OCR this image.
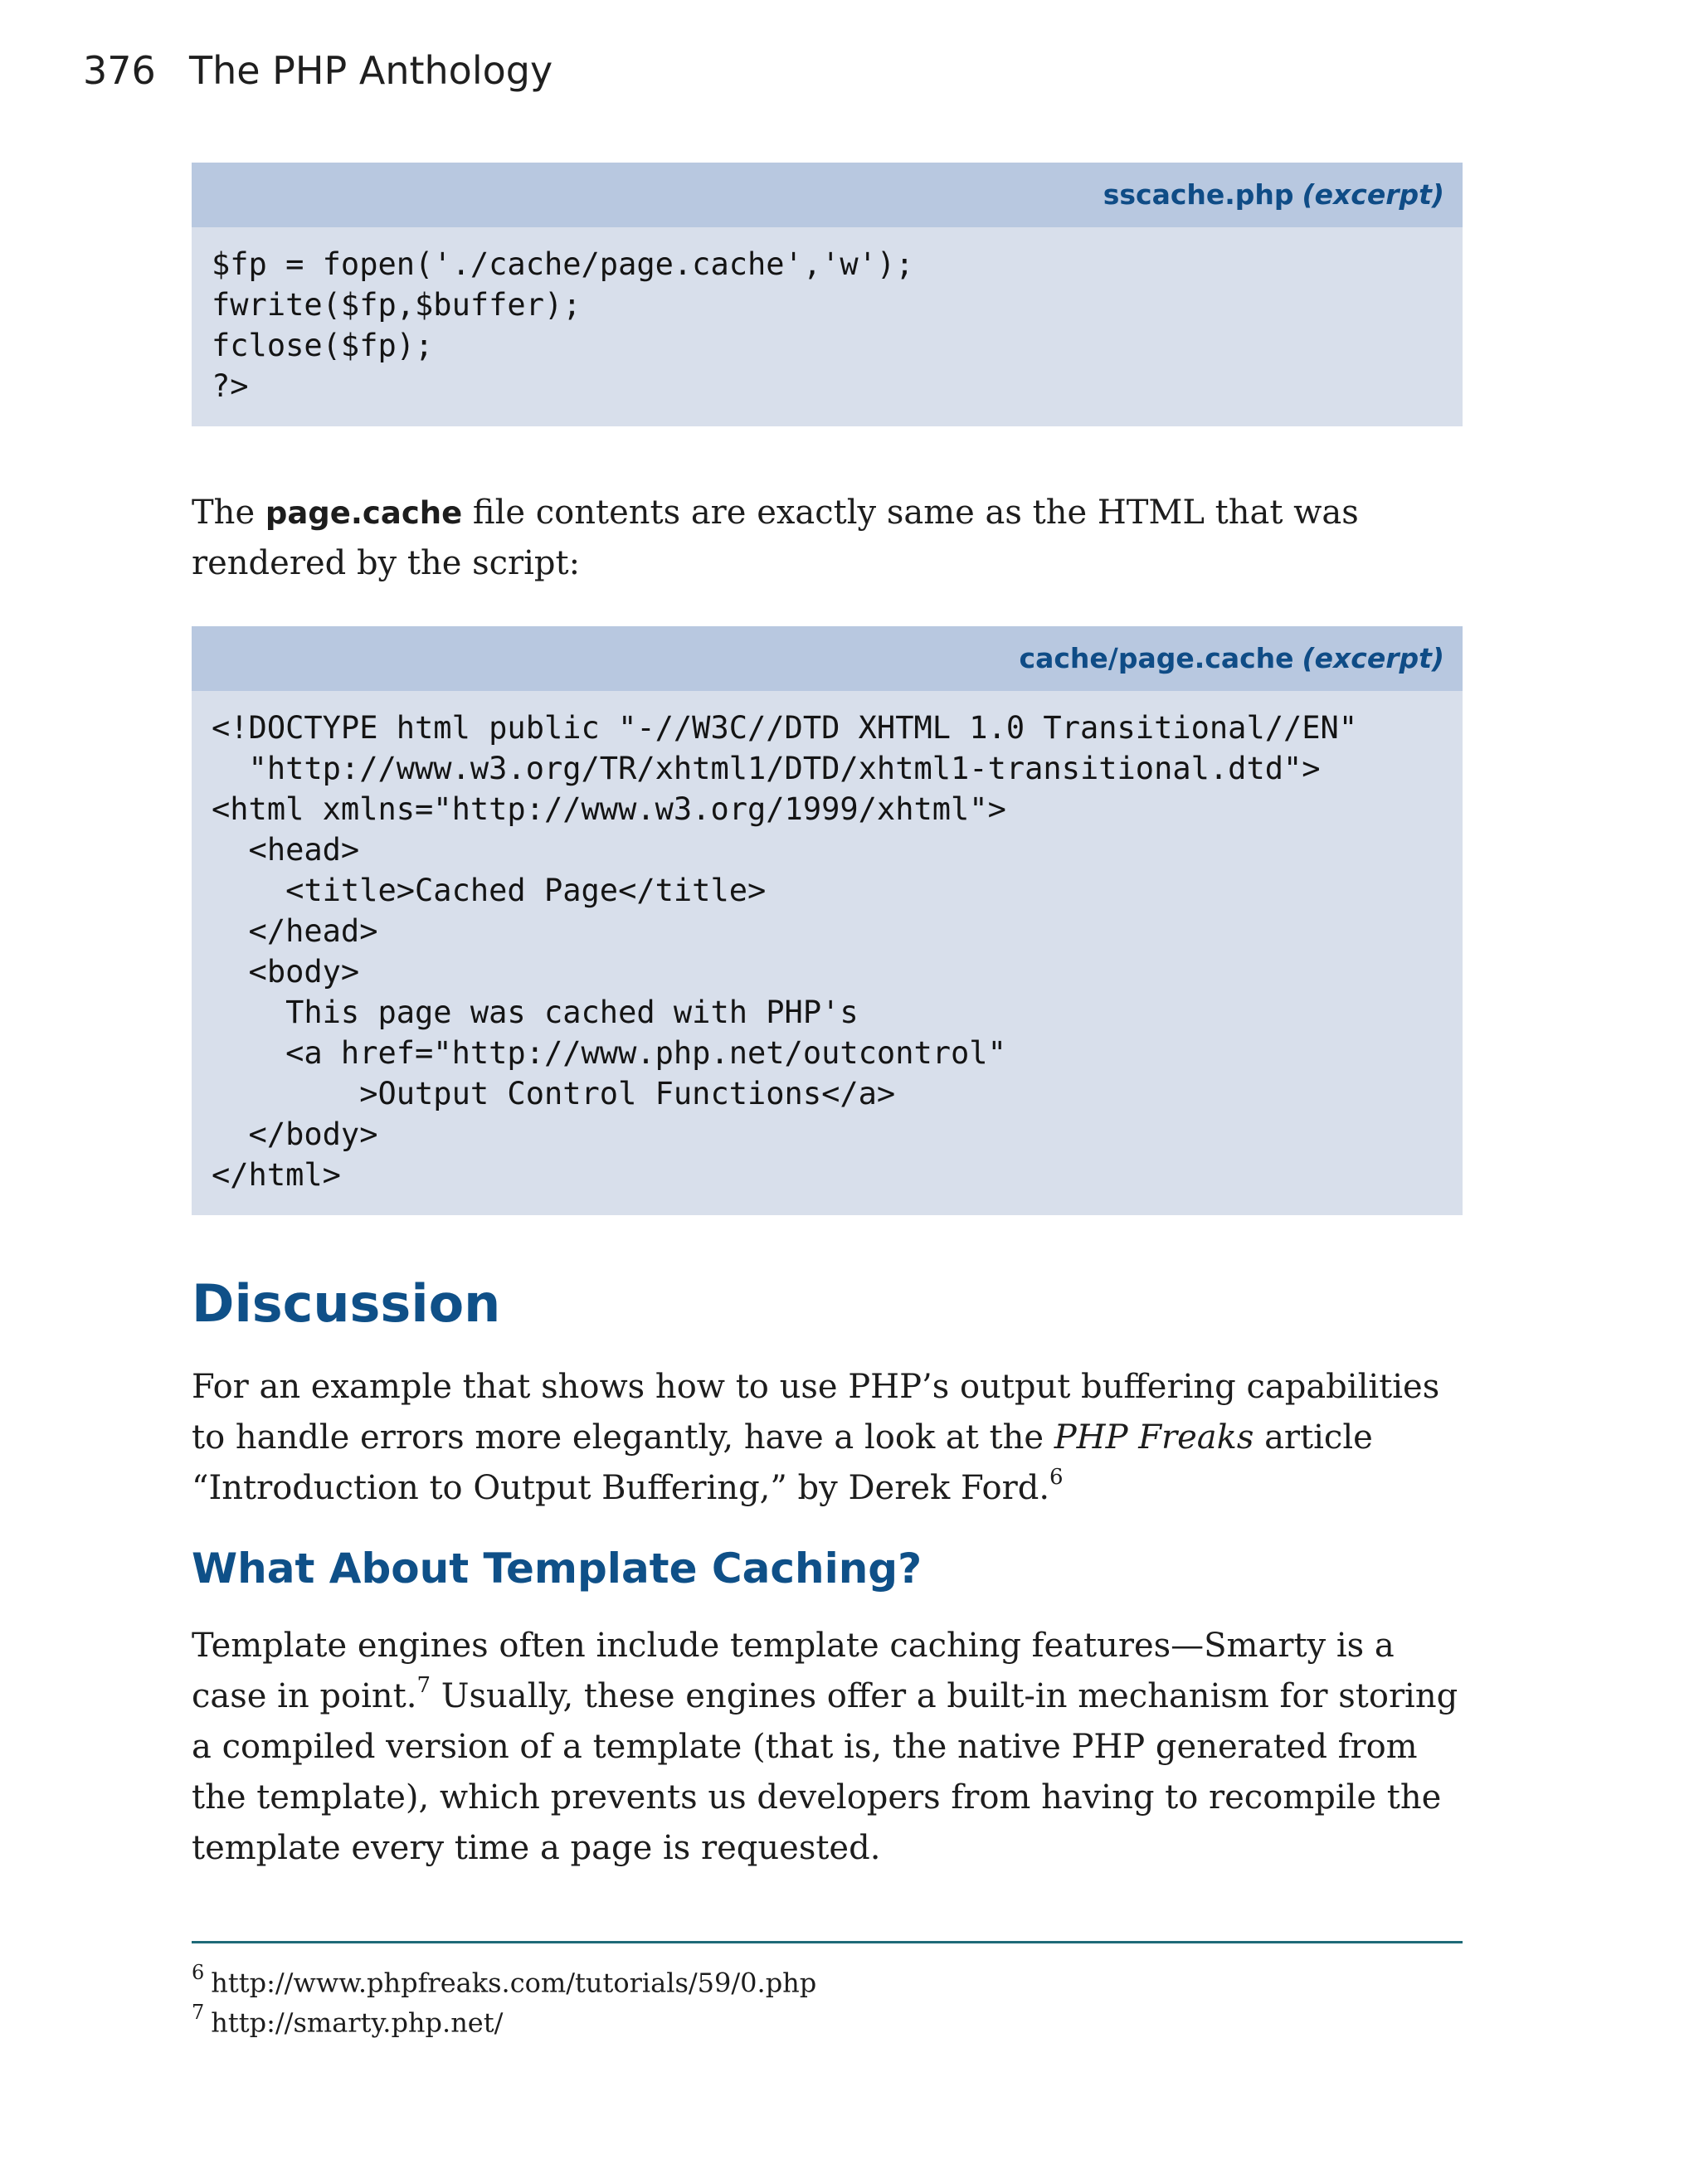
376 The PHP Anthology
sscache.php (excerpt)
$fp = fopen('./cache/page.cache','w');
fwrite($fp,$buffer);
fclose($fp);
?>
The page.cache file contents are exactly same as the HTML that was rendered by the script:
cache/page.cache (excerpt)
<!DOCTYPE html public "-//W3C//DTD XHTML 1.0 Transitional//EN"
"http://www.w3.org/TR/xhtml1/DTD/xhtml1-transitional.dtd">
<html xmlns="http://www.w3.org/1999/xhtml">
<head>
<title>Cached Page</title>
</head>
<body>
This page was cached with PHP's
<a href="http://www.php.net/outcontrol"
>Output Control Functions</a>
</body>
</html>
Discussion
For an example that shows how to use PHP’s output buffering capabilities to handle errors more elegantly, have a look at the PHP Freaks article “Introduction to Output Buffering,” by Derek Ford.$^6$
What About Template Caching?
Template engines often include template caching features—Smarty is a case in point.$^7$ Usually, these engines offer a built-in mechanism for storing a compiled version of a template (that is, the native PHP generated from the template), which prevents us developers from having to recompile the template every time a page is requested.
$^6$ http://www.phpfreaks.com/tutorials/59/0.php
$^7$ http://smarty.php.net/
